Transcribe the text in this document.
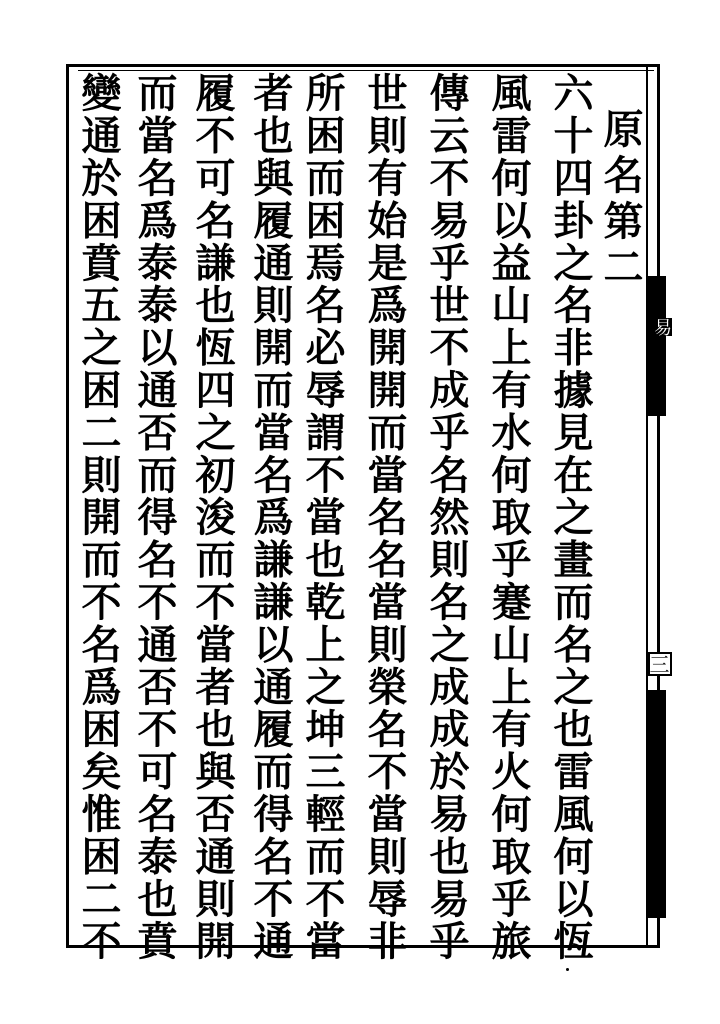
易
三
原名第二
六十四卦之名非據見在之畫而名之也雷風何以恆
風雷何以益山上有水何取乎蹇山上有火何取乎旅
傳云不易乎世不成乎名然則名之成成於易也易乎
世則有始是爲開開而當名名當則榮名不當則辱非
所困而困焉名必辱謂不當也乾上之坤三輕而不當
者也與履通則開而當名爲謙謙以通履而得名不通
履不可名謙也恆四之初浚而不當者也與否通則開
而當名爲泰泰以通否而得名不通否不可名泰也賁
變通於困賁五之困二則開而不名爲困矣惟困二不
